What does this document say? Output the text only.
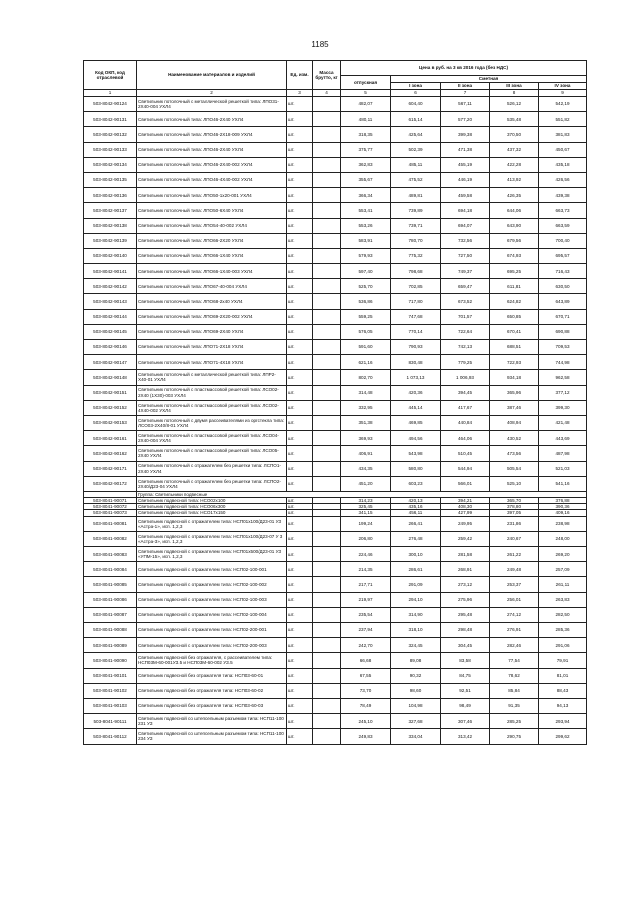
1185
Код ОКП, код отраслевой	Наименование материалов и изделий	Ед. изм.	Масса брутто, кг	Цена в руб. на 3 кв 2016 года (без НДС)				
				отпускная	Сметная			
					I зона	II зона	III зона	IV зона
1	2	3	4	5	6	7	8	9
503-8042-90124	Светильник потолочный с металлической решеткой типа: ЛПО31-2Х40-004 УХЛ4	шт.		482,07	604,40	567,11	526,12	542,19
503-8042-90131	Светильник потолочный типа: ЛПО46-2Х40 УХЛ4	шт.		480,11	615,14	577,20	535,48	551,82
503-8042-90132	Светильник потолочный типа: ЛПО46-2Х18-009 УХЛ4	шт.		318,35	425,64	399,38	370,50	381,83
503-8042-90133	Светильник потолочный типа: ЛПО46-2Х40 УХЛ4	шт.		375,77	502,39	471,38	437,32	450,67
503-8042-90134	Светильник потолочный типа: ЛПО46-2Х40-002 УХЛ4	шт.		362,83	485,11	455,19	422,28	435,18
503-8042-90135	Светильник потолочный типа: ЛПО46-4Х40-002 УХЛ4	шт.		355,67	475,52	446,19	413,92	426,56
503-8042-90136	Светильник потолочный типа: ЛПО50-1х20-001 УХЛ4	шт.		366,34	489,81	459,58	426,35	439,38
503-8042-90137	Светильник потолочный типа: ЛПО50-6Х40 УХЛ4	шт.		553,41	739,89	694,18	644,06	663,73
503-8042-90138	Светильник потолочный типа: ЛПО54-40-002 УХЛ4	шт.		553,26	739,71	694,07	643,90	663,59
503-8042-90139	Светильник потолочный типа: ЛПО66-2Х20 УХЛ4	шт.		583,91	780,70	732,56	679,56	700,40
503-8042-90140	Светильник потолочный типа: ЛПО66-1Х40 УХЛ4	шт.		579,93	775,32	727,50	674,93	695,57
503-8042-90141	Светильник потолочный типа: ЛПО66-1Х40-003 УХЛ4	шт.		597,40	798,68	749,37	695,25	716,43
503-8042-90142	Светильник потолочный типа: ЛПО67-40-004 УХЛ4	шт.		525,70	702,85	659,47	611,81	630,50
503-8042-90143	Светильник потолочный типа: ЛПО68-2х40 УХЛ4	шт.		536,86	717,80	673,52	624,82	643,89
503-8042-90144	Светильник потолочный типа: ЛПО69-2Х20-002 УХЛ4	шт.		559,25	747,68	701,57	650,85	670,71
503-8042-90145	Светильник потолочный типа: ЛПО69-2Х40 УХЛ4	шт.		576,05	770,14	722,64	670,41	690,88
503-8042-90146	Светильник потолочный типа: ЛПО71-2Х18 УХЛ4	шт.		591,60	790,93	742,13	688,51	709,53
503-8042-90147	Светильник потолочный типа: ЛПО71-4Х18 УХЛ4	шт.		621,16	830,48	779,25	722,93	744,98
503-8042-90148	Светильник потолочный с металлической решеткой типа: ЛПР2-Х40-01 УХЛ4	шт.		802,70	1 073,13	1 006,93	934,18	962,58
503-8042-90151	Светильник потолочный с пластмассовой решеткой типа: ЛСО02-2Х40 (1Х30)-003 УХЛ4	шт.		314,48	420,36	394,45	365,96	377,12
503-8042-90152	Светильник потолочный с пластмассовой решеткой типа: ЛСО02-4Х40-002 УХЛ4	шт.		332,95	445,14	417,67	387,46	399,30
503-8042-90153	Светильник потолочный с двумя рассеивателями из оргстекла типа: ЛСО03-2Х40/8-01 УХЛ4	шт.		351,38	469,85	440,84	408,94	421,48
503-8042-90161	Светильник потолочный с пластмассовой решеткой типа: ЛСО04-2Х40-004 УХЛ4	шт.		369,93	494,56	464,06	430,52	443,69
503-8042-90162	Светильник потолочный с пластмассовой решеткой типа: ЛСО05-2Х40 УХЛ4	шт.		406,91	543,98	510,45	473,56	487,98
503-8042-90171	Светильник потолочный с отражателем без решетки типа: ЛСПО1-2Х40 УХЛ4	шт.		434,35	580,80	544,94	505,54	521,03
503-8042-90172	Светильник потолочный с отражателем без решетки типа: ЛСПО2-2Х40/Д23-04 УХЛ4	шт.		451,20	603,23	566,01	525,10	541,16
	Группа: Светильники подвесные							
503-8041-90071	Светильник подвесной типа: НСО02х100	шт.		314,23	420,13	394,21	365,70	376,88
503-8041-90072	Светильник подвесной типа: НСО06х300	шт.		325,45	435,16	408,30	378,80	390,36
503-8041-90073	Светильник подвесной типа: НСО17х150	шт.		341,15	456,11	427,99	397,05	409,16
503-8041-90081	Светильник подвесной с отражателем типа: НСП01х100/Д23-01 УЗ «Астра-1», исп. 1,2,3	шт.		199,24	266,41	249,95	231,86	238,98
503-8041-90082	Светильник подвесной с отражателем типа: НСП01х100/Д23-07 У 3 «Астра-3», исп. 1,2,3	шт.		206,80	276,48	259,42	240,67	248,00
503-8041-90083	Светильник подвесной с отражателем типа: НСП01х500/Д23-01 УЗ «УПМ-15», исп. 1,2,3	шт.		224,46	300,10	281,58	261,22	269,20
503-8041-90084	Светильник подвесной с отражателем типа: НСП02-100-001	шт.		214,35	286,61	268,91	249,48	257,09
503-8041-90085	Светильник подвесной с отражателем типа: НСП02-100-002	шт.		217,71	291,09	273,12	253,37	261,11
503-8041-90086	Светильник подвесной с отражателем типа: НСП02-100-003	шт.		219,97	294,10	275,96	256,01	263,83
503-8041-90087	Светильник подвесной с отражателем типа: НСП02-100-004	шт.		235,54	314,90	295,48	274,12	282,50
503-8041-90088	Светильник подвесной с отражателем типа: НСП02-200-001	шт.		237,94	318,10	298,48	276,91	285,36
503-8041-90089	Светильник подвесной с отражателем типа: НСП02-200-003	шт.		242,70	324,45	304,45	282,46	291,06
503-8041-90090	Светильник подвесной без отражателя, с рассеивателем типа: НСП03М-60-001УЗ.5 и НСП03М-60-002 УЗ.5	шт.		66,68	89,08	83,58	77,54	79,91
503-8041-90101	Светильник подвесной без отражателя типа: НСП03-60-01	шт.		67,55	90,32	84,75	78,62	81,01
503-8041-90102	Светильник подвесной без отражателя типа: НСП03-60-02	шт.		73,70	98,60	92,51	85,84	88,43
503-8041-90103	Светильник подвесной без отражателя типа: НСП03-60-03	шт.		78,49	104,98	98,49	91,35	94,13
503-8041-90111	Светильник подвесной со штепсельным разъемом типа: НСП11-100 231 УЗ	шт.		245,10	327,68	307,46	285,25	293,94
503-8041-90112	Светильник подвесной со штепсельным разъемом типа: НСП11-100 234 УЗ	шт.		249,83	334,04	313,42	290,75	299,62
